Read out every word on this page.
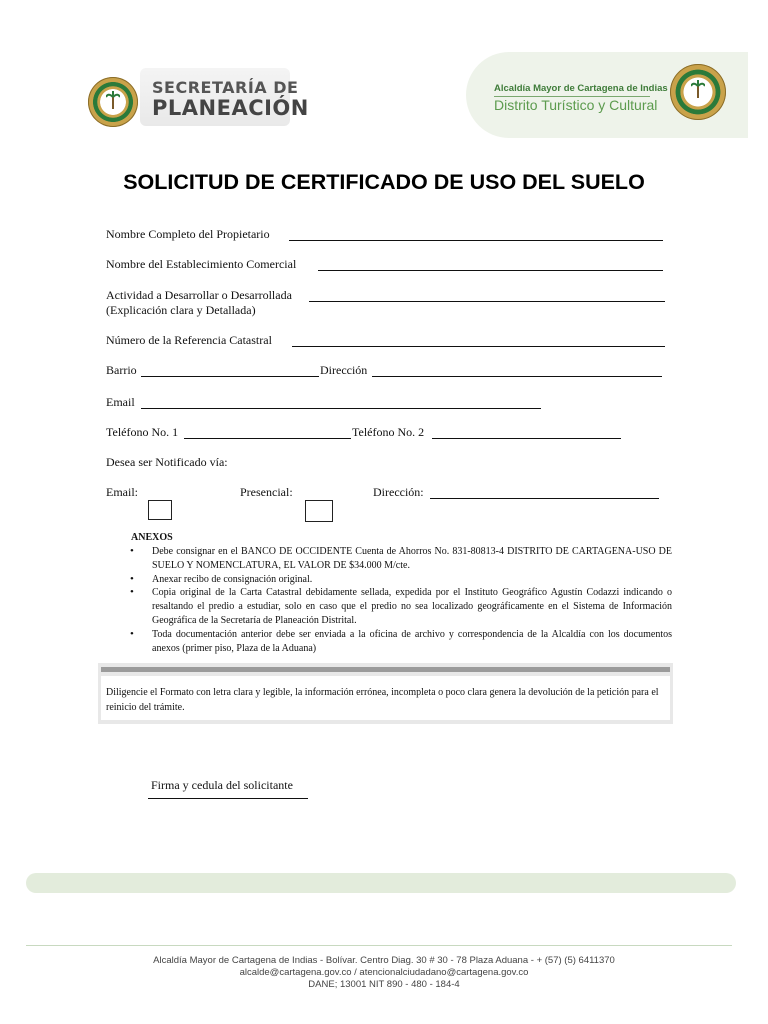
SECRETARÍA DE
PLANEACIÓN
Alcaldía Mayor de Cartagena de Indias
Distrito Turístico y Cultural
SOLICITUD DE CERTIFICADO DE USO DEL SUELO
Nombre Completo del Propietario
Nombre del Establecimiento Comercial
Actividad a Desarrollar o Desarrollada
(Explicación clara y Detallada)
Número de la Referencia Catastral
Barrio	Dirección
Email
Teléfono No. 1	Teléfono No. 2
Desea ser Notificado vía:
Email:	Presencial:	Dirección:
ANEXOS
• Debe consignar en el BANCO DE OCCIDENTE Cuenta de Ahorros No. 831-80813-4 DISTRITO DE CARTAGENA-USO DE SUELO Y NOMENCLATURA, EL VALOR DE $34.000 M/cte.
• Anexar recibo de consignación original.
• Copia original de la Carta Catastral debidamente sellada, expedida por el Instituto Geográfico Agustín Codazzi indicando o resaltando el predio a estudiar, solo en caso que el predio no sea localizado geográficamente en el Sistema de Información Geográfica de la Secretaría de Planeación Distrital.
• Toda documentación anterior debe ser enviada a la oficina de archivo y correspondencia de la Alcaldía con los documentos anexos (primer piso, Plaza de la Aduana)
Diligencie el Formato con letra clara y legible, la información errónea, incompleta o poco clara genera la devolución de la petición para el reinicio del trámite.
Firma y cedula del solicitante
Alcaldía Mayor de Cartagena de Indias - Bolívar. Centro Diag. 30 # 30 - 78 Plaza Aduana - + (57) (5) 6411370
alcalde@cartagena.gov.co / atencionalciudadano@cartagena.gov.co
DANE; 13001 NIT 890 - 480 - 184-4
